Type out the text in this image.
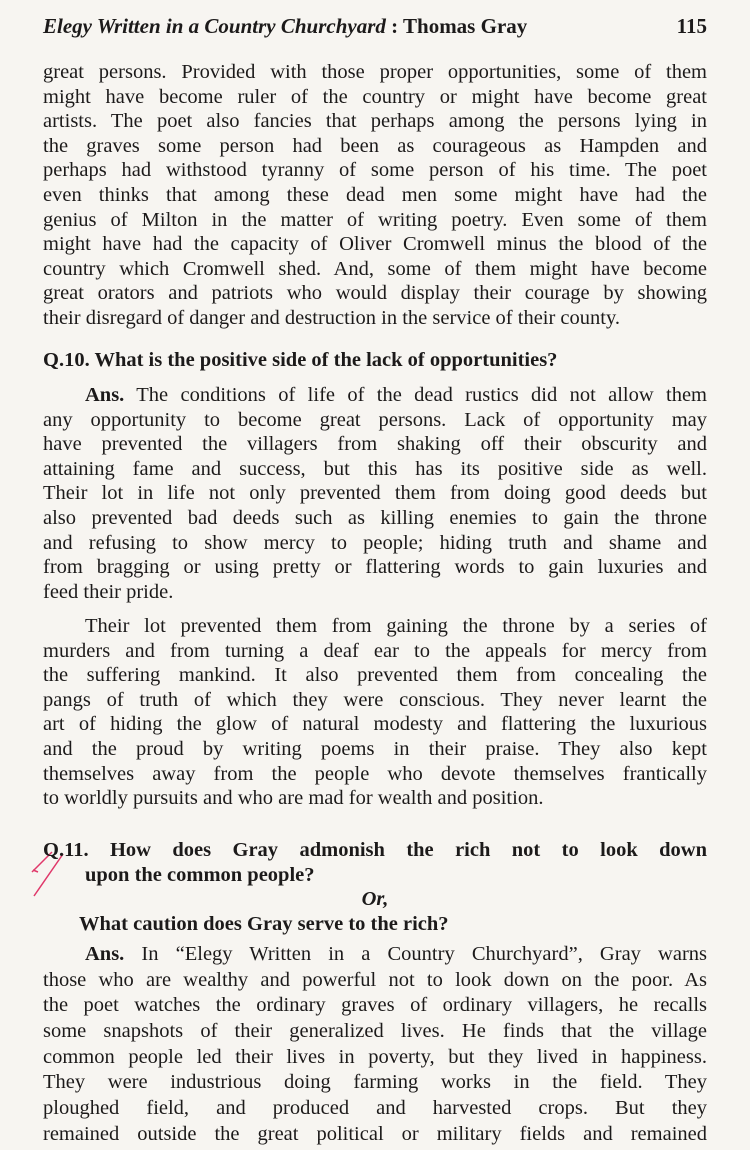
Elegy Written in a Country Churchyard : Thomas Gray	115
great persons. Provided with those proper opportunities, some of them
might have become ruler of the country or might have become great
artists. The poet also fancies that perhaps among the persons lying in
the graves some person had been as courageous as Hampden and
perhaps had withstood tyranny of some person of his time. The poet
even thinks that among these dead men some might have had the
genius of Milton in the matter of writing poetry. Even some of them
might have had the capacity of Oliver Cromwell minus the blood of the
country which Cromwell shed. And, some of them might have become
great orators and patriots who would display their courage by showing
their disregard of danger and destruction in the service of their county.
Q.10. What is the positive side of the lack of opportunities?
Ans. The conditions of life of the dead rustics did not allow them
any opportunity to become great persons. Lack of opportunity may
have prevented the villagers from shaking off their obscurity and
attaining fame and success, but this has its positive side as well.
Their lot in life not only prevented them from doing good deeds but
also prevented bad deeds such as killing enemies to gain the throne
and refusing to show mercy to people; hiding truth and shame and
from bragging or using pretty or flattering words to gain luxuries and
feed their pride.
Their lot prevented them from gaining the throne by a series of
murders and from turning a deaf ear to the appeals for mercy from
the suffering mankind. It also prevented them from concealing the
pangs of truth of which they were conscious. They never learnt the
art of hiding the glow of natural modesty and flattering the luxurious
and the proud by writing poems in their praise. They also kept
themselves away from the people who devote themselves frantically
to worldly pursuits and who are mad for wealth and position.
Q.11. How does Gray admonish the rich not to look down
upon the common people?
Or,
What caution does Gray serve to the rich?
Ans. In “Elegy Written in a Country Churchyard”, Gray warns
those who are wealthy and powerful not to look down on the poor. As
the poet watches the ordinary graves of ordinary villagers, he recalls
some snapshots of their generalized lives. He finds that the village
common people led their lives in poverty, but they lived in happiness.
They were industrious doing farming works in the field. They
ploughed field, and produced and harvested crops. But they
remained outside the great political or military fields and remained
